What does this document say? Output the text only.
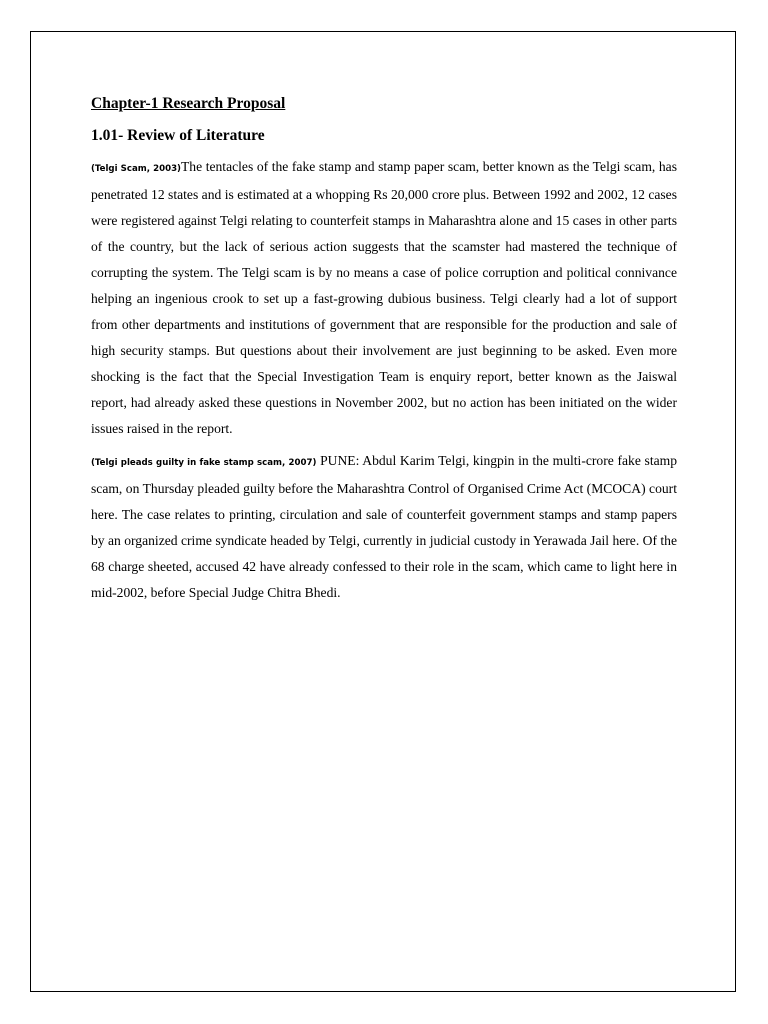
Chapter-1 Research Proposal
1.01- Review of Literature

(Telgi Scam, 2003)The tentacles of the fake stamp and stamp paper scam, better known as the Telgi scam, has penetrated 12 states and is estimated at a whopping Rs 20,000 crore plus. Between 1992 and 2002, 12 cases were registered against Telgi relating to counterfeit stamps in Maharashtra alone and 15 cases in other parts of the country, but the lack of serious action suggests that the scamster had mastered the technique of corrupting the system. The Telgi scam is by no means a case of police corruption and political connivance helping an ingenious crook to set up a fast-growing dubious business. Telgi clearly had a lot of support from other departments and institutions of government that are responsible for the production and sale of high security stamps. But questions about their involvement are just beginning to be asked. Even more shocking is the fact that the Special Investigation Team is enquiry report, better known as the Jaiswal report, had already asked these questions in November 2002, but no action has been initiated on the wider issues raised in the report.

(Telgi pleads guilty in fake stamp scam, 2007) PUNE: Abdul Karim Telgi, kingpin in the multi-crore fake stamp scam, on Thursday pleaded guilty before the Maharashtra Control of Organised Crime Act (MCOCA) court here. The case relates to printing, circulation and sale of counterfeit government stamps and stamp papers by an organized crime syndicate headed by Telgi, currently in judicial custody in Yerawada Jail here. Of the 68 charge sheeted, accused 42 have already confessed to their role in the scam, which came to light here in mid-2002, before Special Judge Chitra Bhedi.
